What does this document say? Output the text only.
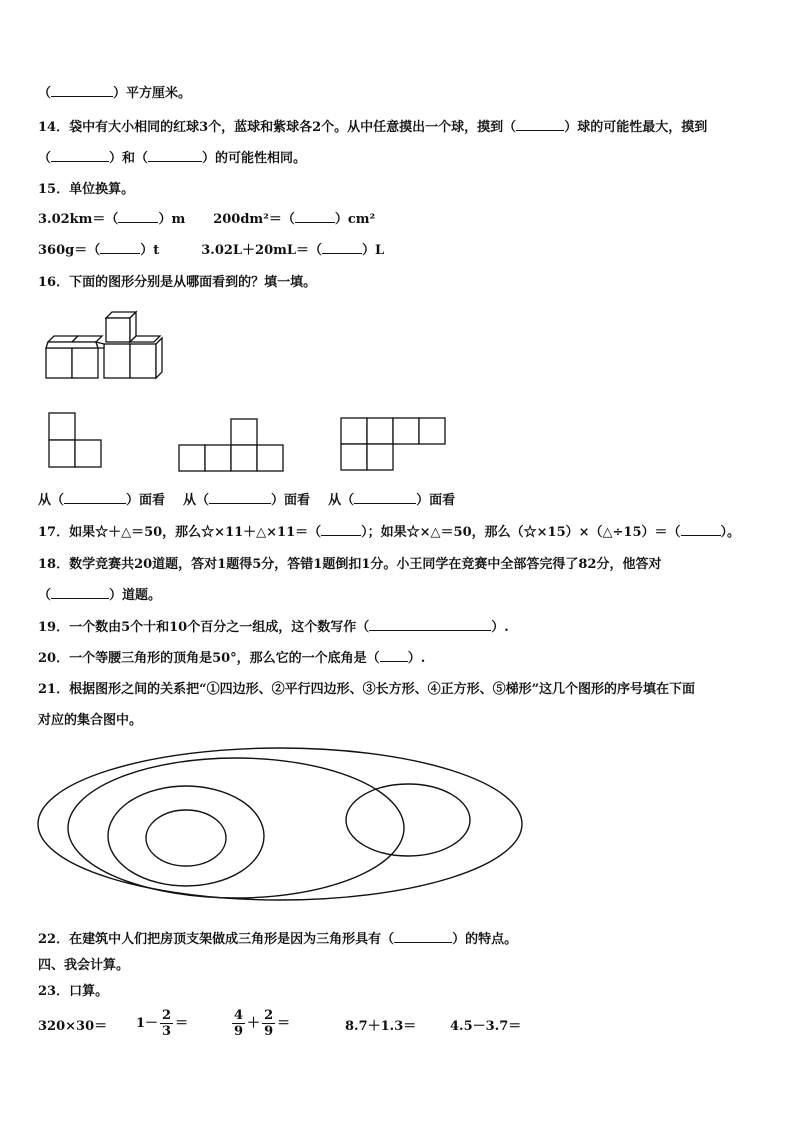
（	）平方厘米。
14．袋中有大小相同的红球3个，蓝球和紫球各2个。从中任意摸出一个球，摸到（	）球的可能性最大，摸到
（	）和（	）的可能性相同。
15．单位换算。
3.02km＝（	）m 200dm²＝（	）cm²
360g＝（	）t	3.02L＋20mL＝（	）L
16．下面的图形分别是从哪面看到的？填一填。
从（	）面看 从（	）面看 从（	）面看
17．如果☆＋△＝50，那么☆×11＋△×11＝（	）；如果☆×△＝50，那么（☆×15）×（△÷15）＝（	）。
18．数学竞赛共20道题，答对1题得5分，答错1题倒扣1分。小王同学在竞赛中全部答完得了82分，他答对
（	）道题。
19．一个数由5个十和10个百分之一组成，这个数写作（	）.
20．一个等腰三角形的顶角是50°，那么它的一个底角是（ ）.
21．根据图形之间的关系把“①四边形、②平行四边形、③长方形、④正方形、⑤梯形”这几个图形的序号填在下面
对应的集合图中。
22．在建筑中人们把房顶支架做成三角形是因为三角形具有（	）的特点。
四、我会计算。
23．口算。
$320\times 30= 1- \frac{2}{3}$ ＝	$\frac{4}{9} + \frac{2}{9}$ ＝	8.7＋1.3＝	4.5－3.7＝
